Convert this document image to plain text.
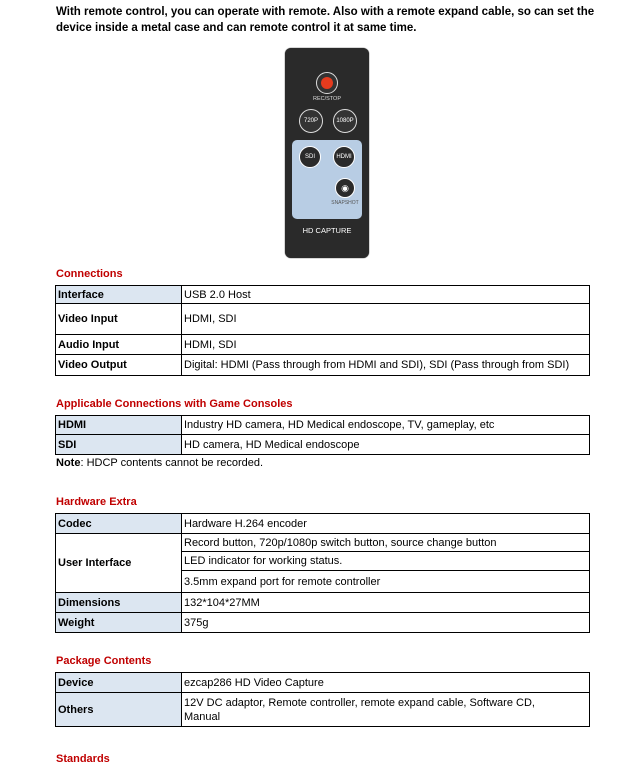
With remote control, you can operate with remote. Also with a remote expand cable, so can set the device inside a metal case and can remote control it at same time.
REC/STOP
720P	1080P
SDI	HDMI
◉
SNAPSHOT
HD CAPTURE
Connections
Interface	USB 2.0 Host
Video Input	HDMI, SDI
Audio Input	HDMI, SDI
Video Output	Digital: HDMI (Pass through from HDMI and SDI), SDI (Pass through from SDI)
Applicable Connections with Game Consoles
HDMI	Industry HD camera, HD Medical endoscope, TV, gameplay, etc
SDI	HD camera, HD Medical endoscope
Note: HDCP contents cannot be recorded.
Hardware Extra
Codec	Hardware H.264 encoder
User Interface	Record button, 720p/1080p switch button, source change button
	LED indicator for working status.
	3.5mm expand port for remote controller
Dimensions	132*104*27MM
Weight	375g
Package Contents
Device	ezcap286 HD Video Capture
Others	12V DC adaptor, Remote controller, remote expand cable, Software CD,
Manual
Standards
